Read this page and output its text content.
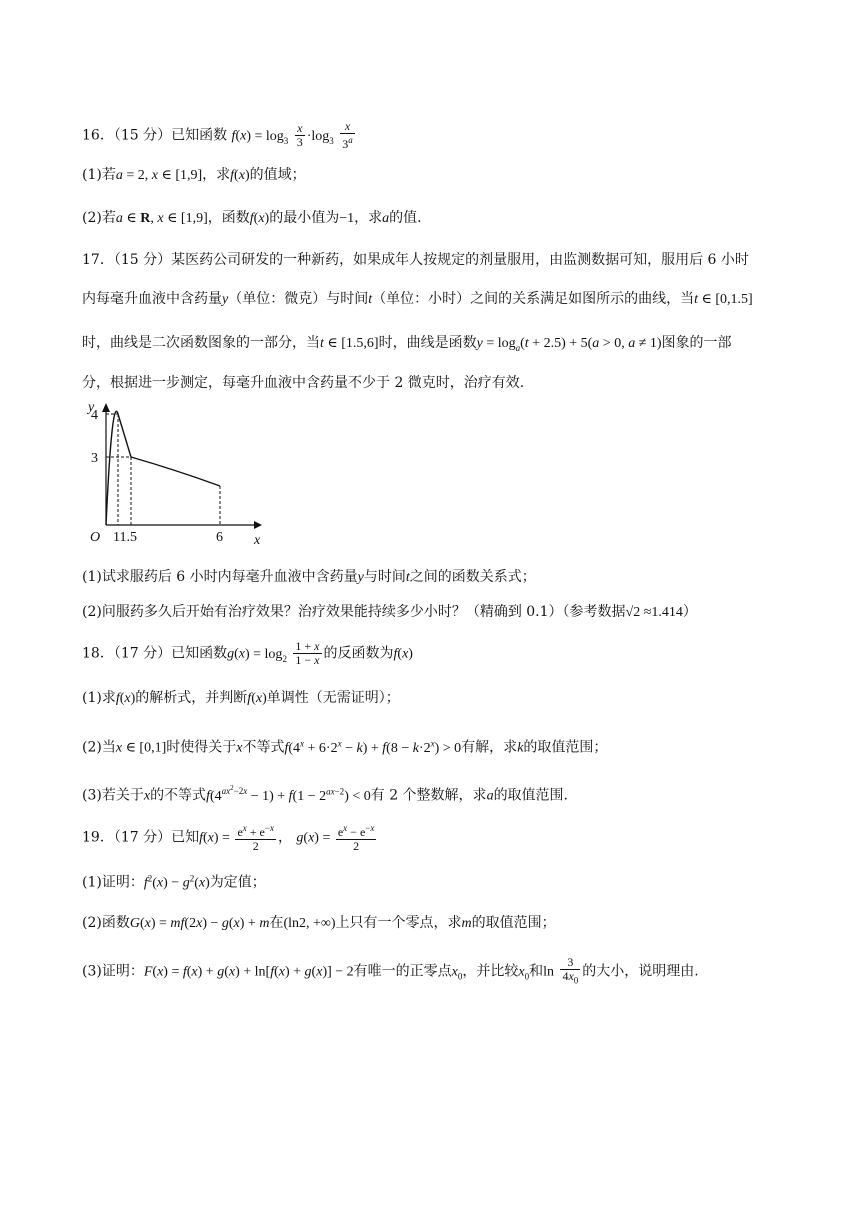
16．（15 分）已知函数 $f(x) = \log_3 \frac{x}{3} \cdot\log_3 \frac{x}{3^a}$
(1)若a = 2, x ∈ [1,9]，求f(x)的值域；
(2)若a ∈ R, x ∈ [1,9]，函数f(x)的最小值为−1，求a的值.
17．（15 分）某医药公司研发的一种新药，如果成年人按规定的剂量服用，由监测数据可知，服用后 6 小时
内每毫升血液中含药量y（单位：微克）与时间t（单位：小时）之间的关系满足如图所示的曲线，当t ∈ [0,1.5]
时，曲线是二次函数图象的一部分，当t ∈ [1.5,6]时，曲线是函数$y = \log_a(t + 2.5) + 5(a > 0$, a ≠ 1)图象的一部
分，根据进一步测定，每毫升血液中含药量不少于 2 微克时，治疗有效.
y
x
O
4
3
11.5	6
(1)试求服药后 6 小时内每毫升血液中含药量y与时间t之间的函数关系式；
(2)问服药多久后开始有治疗效果？治疗效果能持续多少小时？（精确到 0.1）（参考数据√2 ≈1.414）
18．（17 分）已知函数$g(x) = \log_2 \frac{1 + x}{1 - x}$ 的反函数为f(x)
(1)求f(x)的解析式，并判断f(x)单调性（无需证明）；
(2)当x ∈ [0,1]时使得关于x不等式$f(4^x + 6\cdot 2^x - k) + f(8 - k\cdot 2^x) > 0$有解，求k的取值范围；
(3)若关于x的不等式$f(4^{ax^2-2x} - 1) + f(1 - 2^{ax-2}) < 0$有 2 个整数解，求a的取值范围.
19．（17 分）已知$f(x) = \frac{e^x + e^{-x}}{2}$ ， $g(x) = \frac{e^x - e^{-x}}{2}$
(1)证明：$f^2(x) - g^2(x)$为定值；
(2)函数G(x) = mf(2x) − g(x) + m在(ln2, +∞)上只有一个零点，求m的取值范围；
(3)证明：F(x) = f(x) + g(x) + ln[f(x) + g(x)] − 2有唯一的正零点$x_0$，并比较$x_0$和$\ln \frac{3}{4x_0}$ 的大小，说明理由.
